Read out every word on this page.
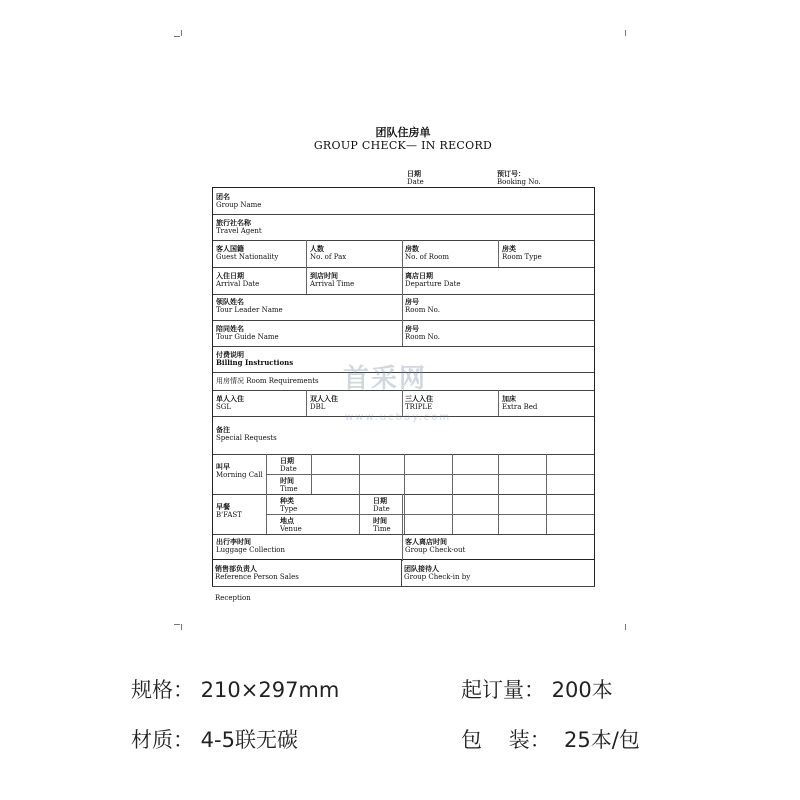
团队住房单
GROUP CHECK— IN RECORD
日期
Date
预订号：
Booking No.
团名
Group Name
旅行社名称
Travel Agent
客人国籍
Guest Nationality
人数
No. of Pax
房数
No. of Room
房类
Room Type
入住日期
Arrival Date
到店时间
Arrival Time
离店日期
Departure Date
领队姓名
Tour Leader Name
房号
Room No.
陪同姓名
Tour Guide Name
房号
Room No.
付费说明
Billing Instructions
用房情况 Room Requirements
单人入住
SGL
双人入住
DBL
三人入住
TRIPLE
加床
Extra Bed
备注
Special Requests
叫早
Morning Call
日期
Date
时间
Time
早餐
B'FAST
种类
Type
地点
Venue
日期
Date
时间
Time
出行李时间
Luggage Collection
客人离店时间
Group Check-out
销售部负责人
Reference Person Sales
团队接待人
Group Check-in by
Reception
首采网
www.ucboy.com
规格： 210×297mm	起订量： 200本
材质： 4-5联无碳	包    装：  25本/包
